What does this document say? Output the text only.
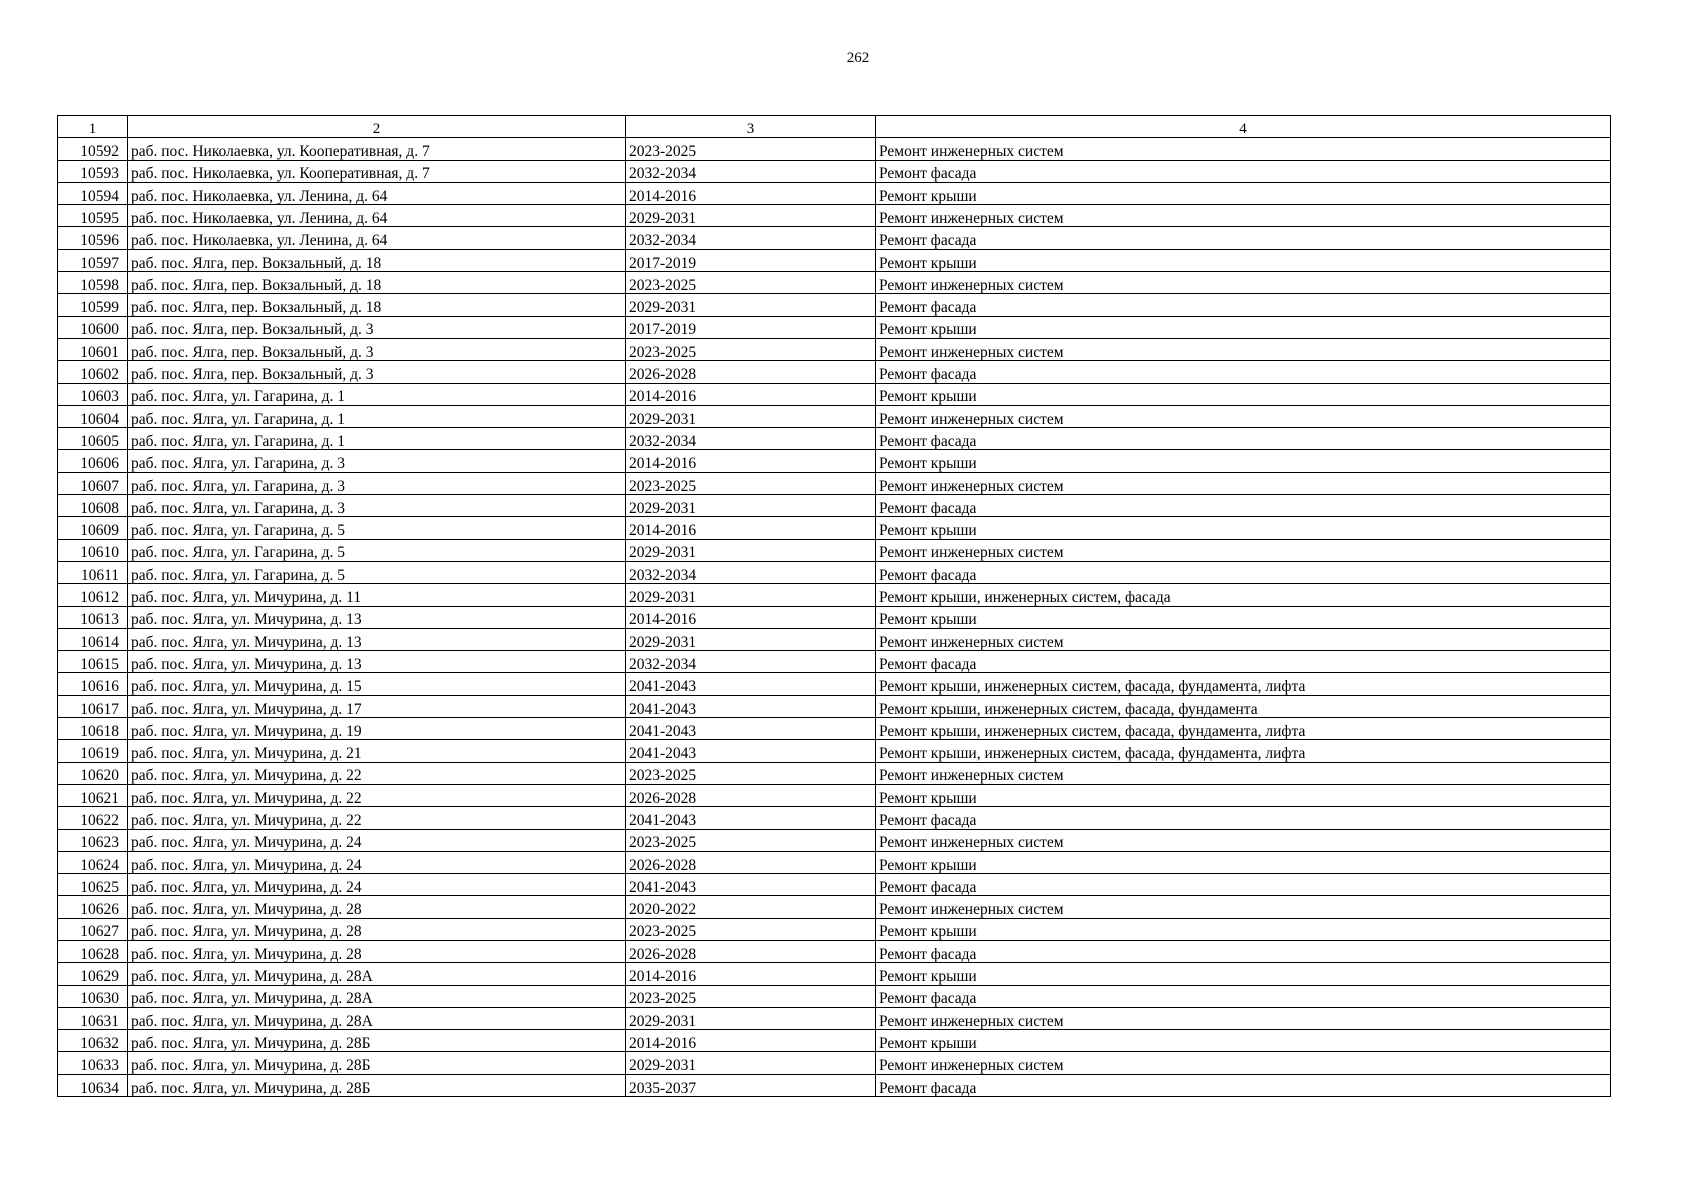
262
1	2	3	4
10592	раб. пос. Николаевка, ул. Кооперативная, д. 7	2023-2025	Ремонт инженерных систем
10593	раб. пос. Николаевка, ул. Кооперативная, д. 7	2032-2034	Ремонт фасада
10594	раб. пос. Николаевка, ул. Ленина, д. 64	2014-2016	Ремонт крыши
10595	раб. пос. Николаевка, ул. Ленина, д. 64	2029-2031	Ремонт инженерных систем
10596	раб. пос. Николаевка, ул. Ленина, д. 64	2032-2034	Ремонт фасада
10597	раб. пос. Ялга, пер. Вокзальный, д. 18	2017-2019	Ремонт крыши
10598	раб. пос. Ялга, пер. Вокзальный, д. 18	2023-2025	Ремонт инженерных систем
10599	раб. пос. Ялга, пер. Вокзальный, д. 18	2029-2031	Ремонт фасада
10600	раб. пос. Ялга, пер. Вокзальный, д. 3	2017-2019	Ремонт крыши
10601	раб. пос. Ялга, пер. Вокзальный, д. 3	2023-2025	Ремонт инженерных систем
10602	раб. пос. Ялга, пер. Вокзальный, д. 3	2026-2028	Ремонт фасада
10603	раб. пос. Ялга, ул. Гагарина, д. 1	2014-2016	Ремонт крыши
10604	раб. пос. Ялга, ул. Гагарина, д. 1	2029-2031	Ремонт инженерных систем
10605	раб. пос. Ялга, ул. Гагарина, д. 1	2032-2034	Ремонт фасада
10606	раб. пос. Ялга, ул. Гагарина, д. 3	2014-2016	Ремонт крыши
10607	раб. пос. Ялга, ул. Гагарина, д. 3	2023-2025	Ремонт инженерных систем
10608	раб. пос. Ялга, ул. Гагарина, д. 3	2029-2031	Ремонт фасада
10609	раб. пос. Ялга, ул. Гагарина, д. 5	2014-2016	Ремонт крыши
10610	раб. пос. Ялга, ул. Гагарина, д. 5	2029-2031	Ремонт инженерных систем
10611	раб. пос. Ялга, ул. Гагарина, д. 5	2032-2034	Ремонт фасада
10612	раб. пос. Ялга, ул. Мичурина, д. 11	2029-2031	Ремонт крыши, инженерных систем, фасада
10613	раб. пос. Ялга, ул. Мичурина, д. 13	2014-2016	Ремонт крыши
10614	раб. пос. Ялга, ул. Мичурина, д. 13	2029-2031	Ремонт инженерных систем
10615	раб. пос. Ялга, ул. Мичурина, д. 13	2032-2034	Ремонт фасада
10616	раб. пос. Ялга, ул. Мичурина, д. 15	2041-2043	Ремонт крыши, инженерных систем, фасада, фундамента, лифта
10617	раб. пос. Ялга, ул. Мичурина, д. 17	2041-2043	Ремонт крыши, инженерных систем, фасада, фундамента
10618	раб. пос. Ялга, ул. Мичурина, д. 19	2041-2043	Ремонт крыши, инженерных систем, фасада, фундамента, лифта
10619	раб. пос. Ялга, ул. Мичурина, д. 21	2041-2043	Ремонт крыши, инженерных систем, фасада, фундамента, лифта
10620	раб. пос. Ялга, ул. Мичурина, д. 22	2023-2025	Ремонт инженерных систем
10621	раб. пос. Ялга, ул. Мичурина, д. 22	2026-2028	Ремонт крыши
10622	раб. пос. Ялга, ул. Мичурина, д. 22	2041-2043	Ремонт фасада
10623	раб. пос. Ялга, ул. Мичурина, д. 24	2023-2025	Ремонт инженерных систем
10624	раб. пос. Ялга, ул. Мичурина, д. 24	2026-2028	Ремонт крыши
10625	раб. пос. Ялга, ул. Мичурина, д. 24	2041-2043	Ремонт фасада
10626	раб. пос. Ялга, ул. Мичурина, д. 28	2020-2022	Ремонт инженерных систем
10627	раб. пос. Ялга, ул. Мичурина, д. 28	2023-2025	Ремонт крыши
10628	раб. пос. Ялга, ул. Мичурина, д. 28	2026-2028	Ремонт фасада
10629	раб. пос. Ялга, ул. Мичурина, д. 28А	2014-2016	Ремонт крыши
10630	раб. пос. Ялга, ул. Мичурина, д. 28А	2023-2025	Ремонт фасада
10631	раб. пос. Ялга, ул. Мичурина, д. 28А	2029-2031	Ремонт инженерных систем
10632	раб. пос. Ялга, ул. Мичурина, д. 28Б	2014-2016	Ремонт крыши
10633	раб. пос. Ялга, ул. Мичурина, д. 28Б	2029-2031	Ремонт инженерных систем
10634	раб. пос. Ялга, ул. Мичурина, д. 28Б	2035-2037	Ремонт фасада
